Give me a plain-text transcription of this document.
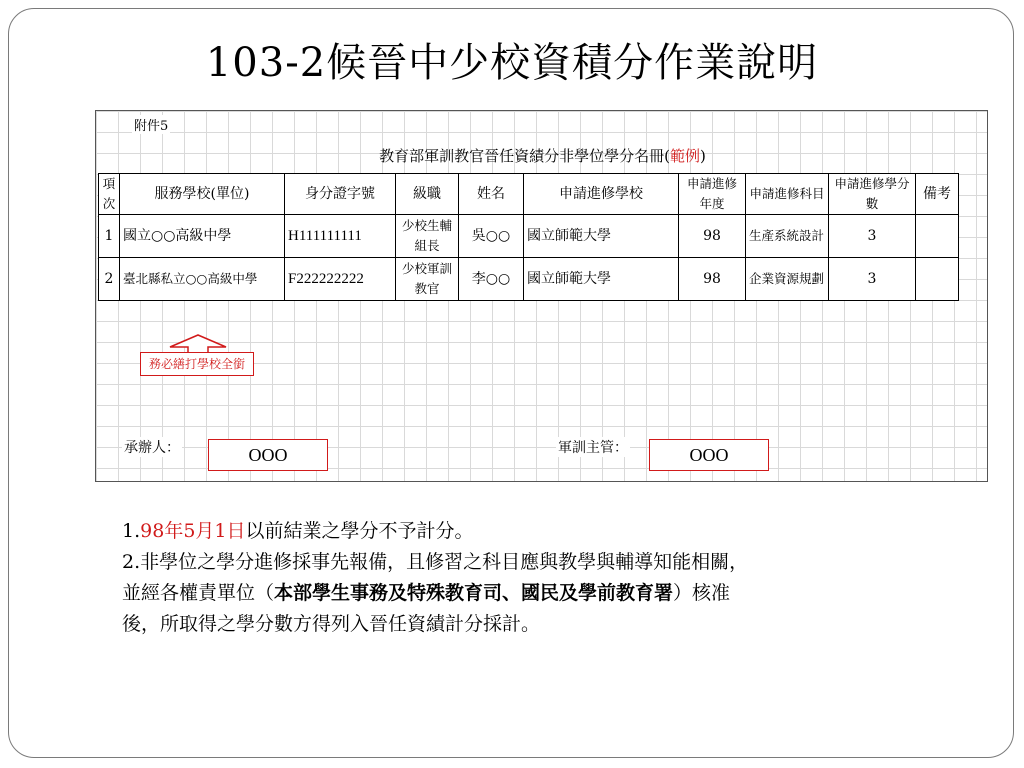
103-2候晉中少校資積分作業說明
附件5
教育部軍訓教官晉任資績分非學位學分名冊(範例)
項次	服務學校(單位)	身分證字號	級職	姓名	申請進修學校	申請進修年度	申請進修科目	申請進修學分數	備考
1	國立○○高級中學	H111111111	少校生輔組長	吳○○	國立師範大學	98	生產系統設計	3	
2	臺北縣私立○○高級中學	F222222222	少校軍訓教官	李○○	國立師範大學	98	企業資源規劃	3	
務必繕打學校全銜
承辦人：	OOO	軍訓主管：	OOO

1.98年5月1日以前結業之學分不予計分。

2.非學位之學分進修採事先報備，且修習之科目應與教學與輔導知能相關，

並經各權責單位（本部學生事務及特殊教育司、國民及學前教育署）核准

後，所取得之學分數方得列入晉任資績計分採計。
